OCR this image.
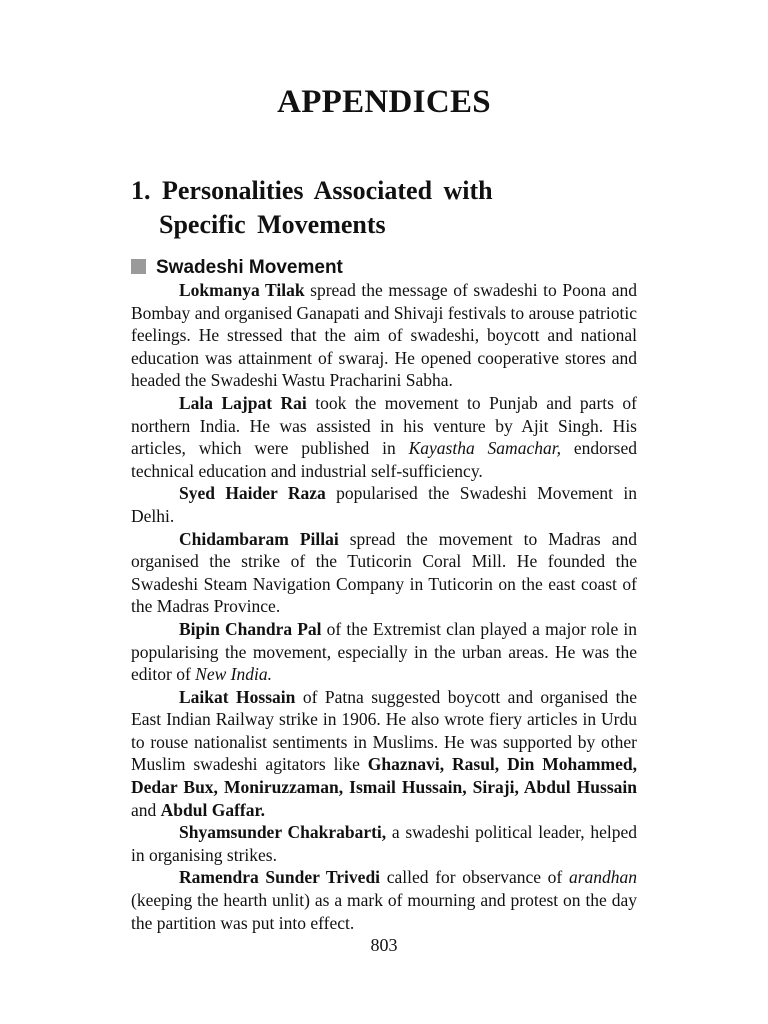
APPENDICES
1. Personalities Associated with
Specific Movements
Swadeshi Movement

Lokmanya Tilak spread the message of swadeshi to Poona and Bombay and organised Ganapati and Shivaji festivals to arouse patriotic feelings. He stressed that the aim of swadeshi, boycott and national education was attainment of swaraj. He opened cooperative stores and headed the Swadeshi Wastu Pracharini Sabha.

Lala Lajpat Rai took the movement to Punjab and parts of northern India. He was assisted in his venture by Ajit Singh. His articles, which were published in Kayastha Samachar, endorsed technical education and industrial self-sufficiency.

Syed Haider Raza popularised the Swadeshi Movement in Delhi.

Chidambaram Pillai spread the movement to Madras and organised the strike of the Tuticorin Coral Mill. He founded the Swadeshi Steam Navigation Company in Tuticorin on the east coast of the Madras Province.

Bipin Chandra Pal of the Extremist clan played a major role in popularising the movement, especially in the urban areas. He was the editor of New India.

Laikat Hossain of Patna suggested boycott and organised the East Indian Railway strike in 1906. He also wrote fiery articles in Urdu to rouse nationalist sentiments in Muslims. He was supported by other Muslim swadeshi agitators like Ghaznavi, Rasul, Din Mohammed, Dedar Bux, Moniruzzaman, Ismail Hussain, Siraji, Abdul Hussain and Abdul Gaffar.

Shyamsunder Chakrabarti, a swadeshi political leader, helped in organising strikes.

Ramendra Sunder Trivedi called for observance of arandhan (keeping the hearth unlit) as a mark of mourning and protest on the day the partition was put into effect.

803
